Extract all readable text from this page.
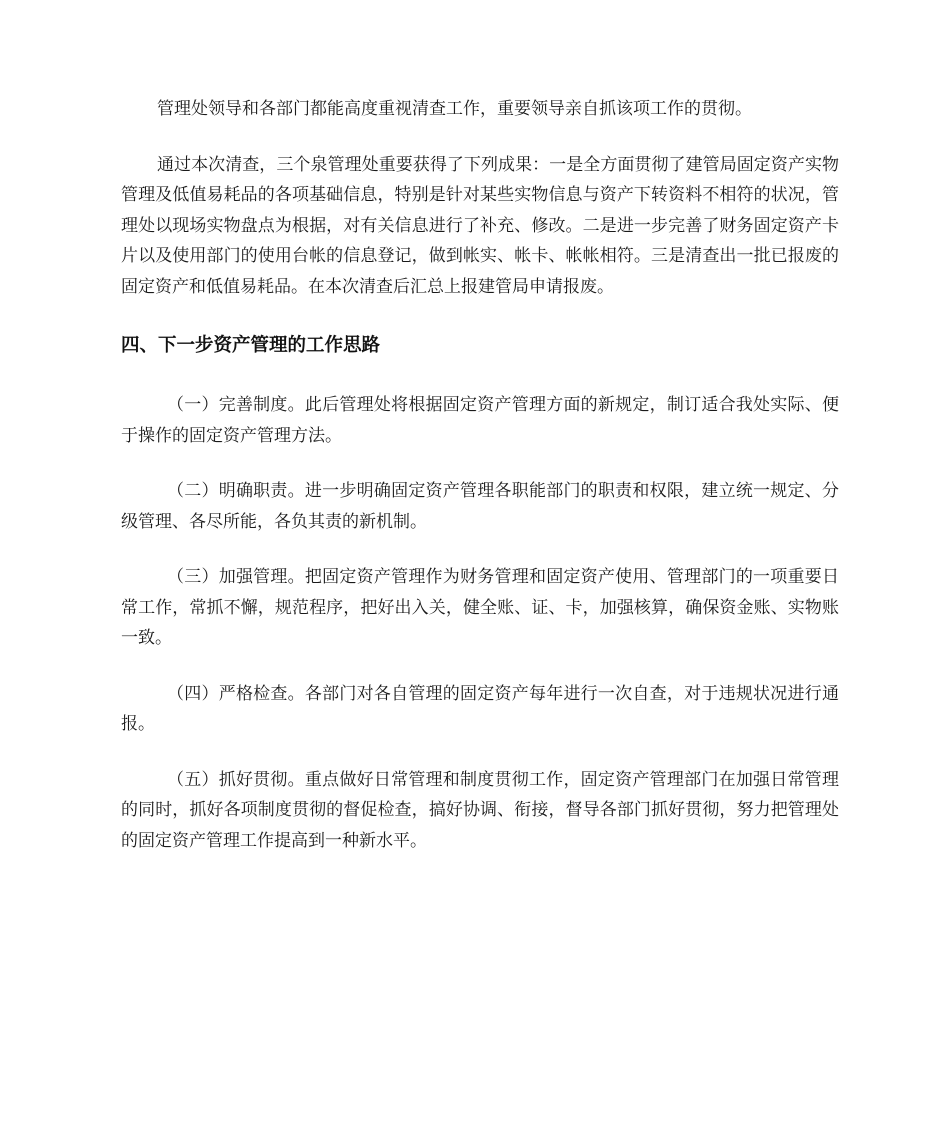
管理处领导和各部门都能高度重视清查工作，重要领导亲自抓该项工作的贯彻。

通过本次清查，三个泉管理处重要获得了下列成果：一是全方面贯彻了建管局固定资产实物管理及低值易耗品的各项基础信息，特别是针对某些实物信息与资产下转资料不相符的状况，管理处以现场实物盘点为根据，对有关信息进行了补充、修改。二是进一步完善了财务固定资产卡片以及使用部门的使用台帐的信息登记，做到帐实、帐卡、帐帐相符。三是清查出一批已报废的固定资产和低值易耗品。在本次清查后汇总上报建管局申请报废。

四、下一步资产管理的工作思路

（一）完善制度。此后管理处将根据固定资产管理方面的新规定，制订适合我处实际、便于操作的固定资产管理方法。

（二）明确职责。进一步明确固定资产管理各职能部门的职责和权限，建立统一规定、分级管理、各尽所能，各负其责的新机制。

（三）加强管理。把固定资产管理作为财务管理和固定资产使用、管理部门的一项重要日常工作，常抓不懈，规范程序，把好出入关，健全账、证、卡，加强核算，确保资金账、实物账一致。

（四）严格检查。各部门对各自管理的固定资产每年进行一次自查，对于违规状况进行通报。

（五）抓好贯彻。重点做好日常管理和制度贯彻工作，固定资产管理部门在加强日常管理的同时，抓好各项制度贯彻的督促检查，搞好协调、衔接，督导各部门抓好贯彻，努力把管理处的固定资产管理工作提高到一种新水平。
